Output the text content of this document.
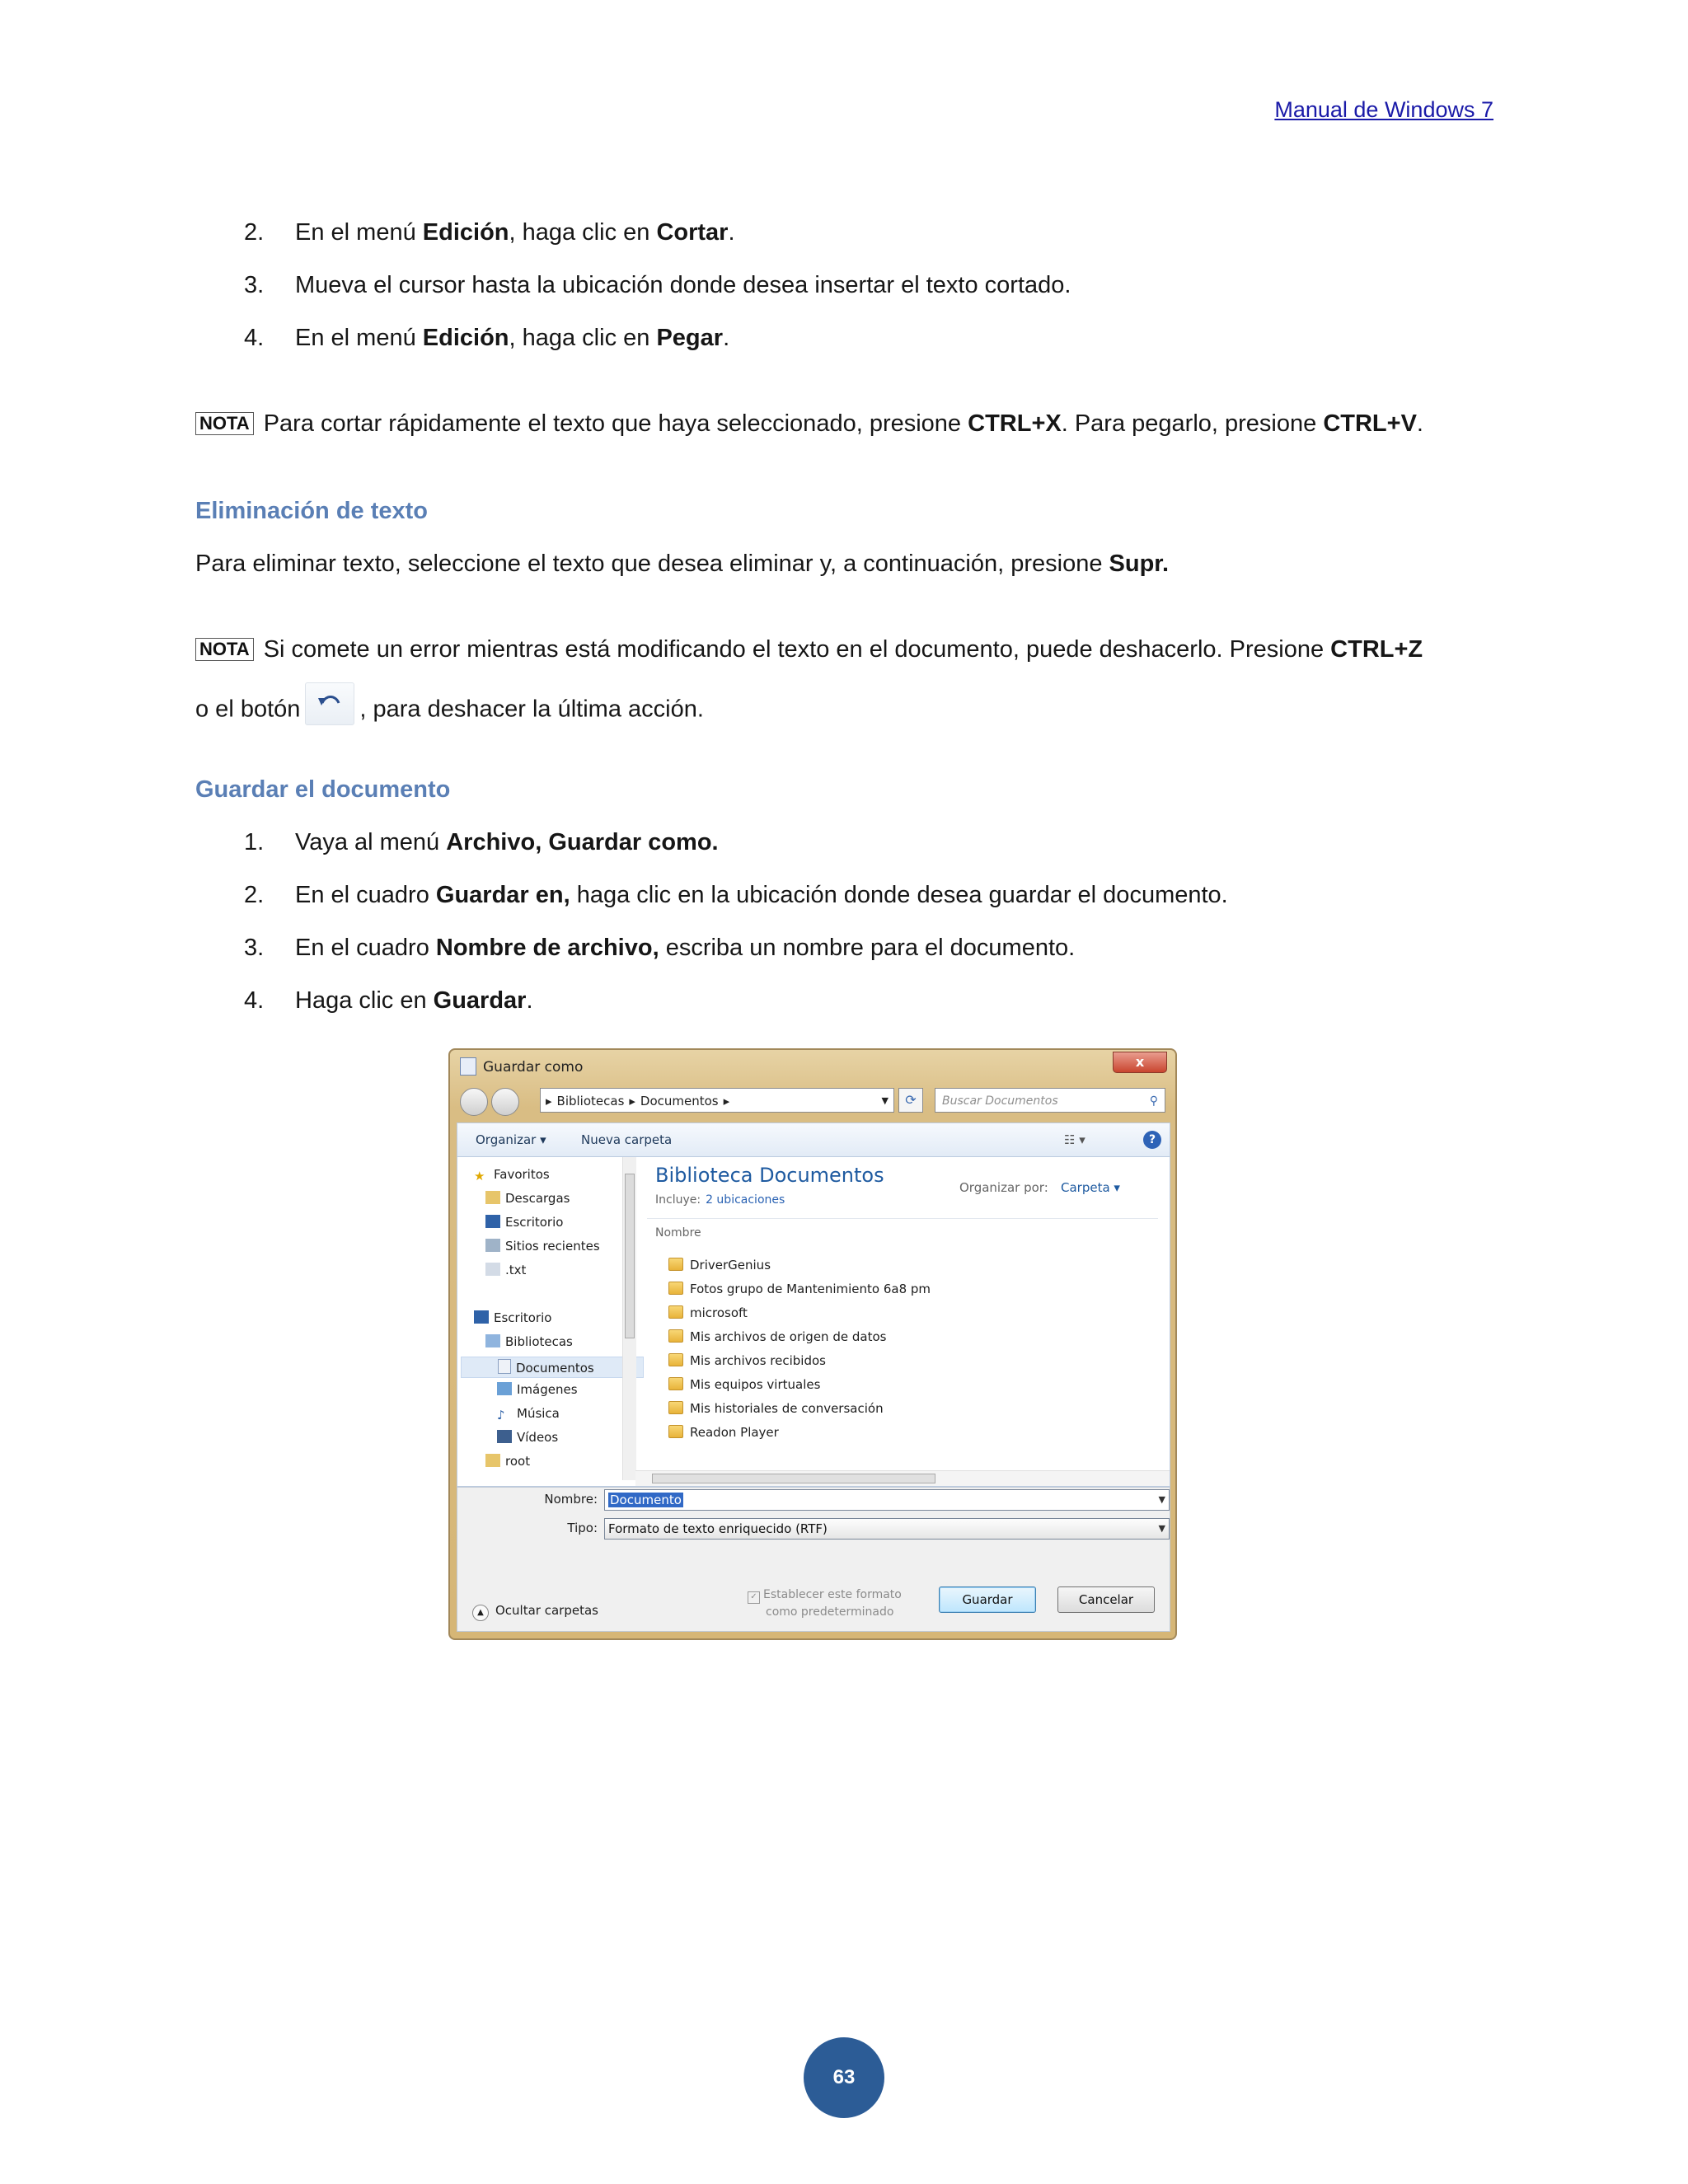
Manual de Windows 7
2. En el menú Edición, haga clic en Cortar.
3. Mueva el cursor hasta la ubicación donde desea insertar el texto cortado.
4. En el menú Edición, haga clic en Pegar.
NOTA Para cortar rápidamente el texto que haya seleccionado, presione CTRL+X. Para pegarlo, presione CTRL+V.
Eliminación de texto
Para eliminar texto, seleccione el texto que desea eliminar y, a continuación, presione Supr.
NOTA Si comete un error mientras está modificando el texto en el documento, puede deshacerlo. Presione CTRL+Z
o el botón , para deshacer la última acción.
Guardar el documento
1. Vaya al menú Archivo, Guardar como.
2. En el cuadro Guardar en, haga clic en la ubicación donde desea guardar el documento.
3. En el cuadro Nombre de archivo, escriba un nombre para el documento.
4. Haga clic en Guardar.
Guardar como	x
▸ Bibliotecas ▸ Documentos ▸	▼	⟳	Buscar Documentos	⚲
Organizar ▾	Nueva carpeta	☷ ▾	?
★ Favoritos
Descargas
Escritorio
Sitios recientes
.txt
Escritorio
Bibliotecas
Documentos
Imágenes
♪ Música
Vídeos
root
Biblioteca Documentos
Incluye: 2 ubicaciones
Organizar por: Carpeta ▾
Nombre
DriverGenius
Fotos grupo de Mantenimiento 6a8 pm
microsoft
Mis archivos de origen de datos
Mis archivos recibidos
Mis equipos virtuales
Mis historiales de conversación
Readon Player
Nombre:	Documento	▼
Tipo: Formato de texto enriquecido (RTF)	▼
✓ Establecer este formato
como predeterminado
▲ Ocultar carpetas
Guardar	Cancelar
63
